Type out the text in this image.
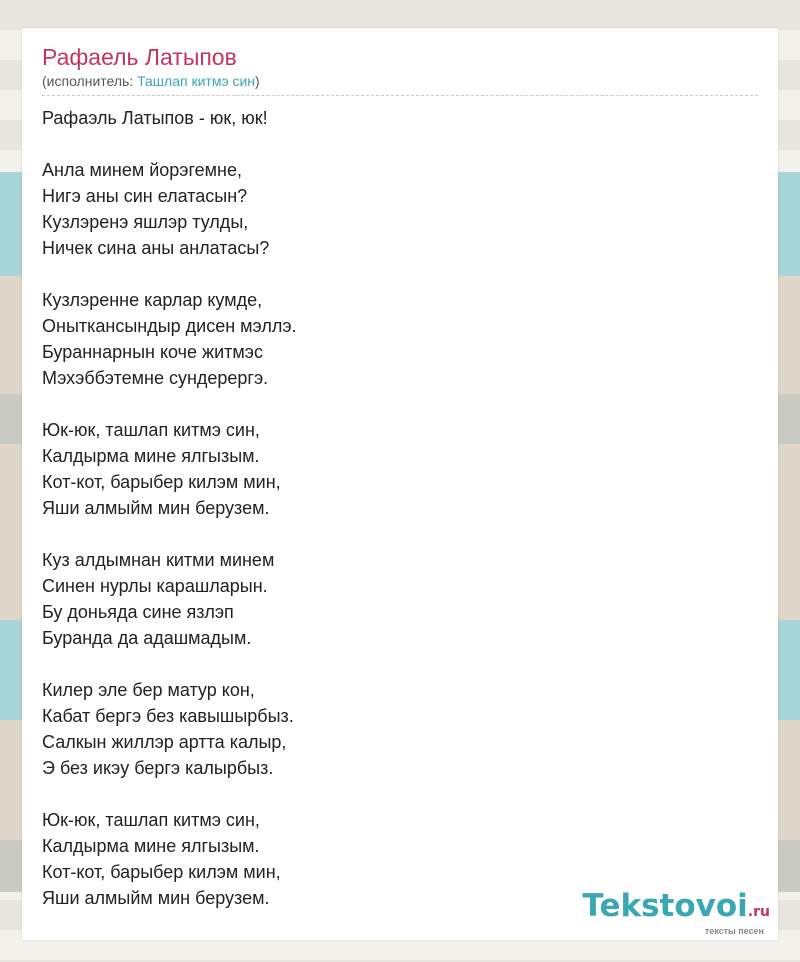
Рафаель Латыпов
(исполнитель: Ташлап китмэ син)
Рафаэль Латыпов - юк, юк!
Анла минем йорэгемне,
Нигэ аны син елатасын?
Кузлэренэ яшлэр тулды,
Ничек сина аны анлатасы?
Кузлэренне карлар кумде,
Оныткансындыр дисен мэллэ.
Бураннарнын коче житмэс
Мэхэббэтемне сундерергэ.
Юк-юк, ташлап китмэ син,
Калдырма мине ялгызым.
Кот-кот, барыбер килэм мин,
Яши алмыйм мин берузем.
Куз алдымнан китми минем
Синен нурлы карашларын.
Бу доньяда сине язлэп
Буранда да адашмадым.
Килер эле бер матур кон,
Кабат бергэ без кавышырбыз.
Салкын жиллэр артта калыр,
Э без икэу бергэ калырбыз.
Юк-юк, ташлап китмэ син,
Калдырма мине ялгызым.
Кот-кот, барыбер килэм мин,
Яши алмыйм мин берузем.	Tekstovoi.ru
тексты песен
